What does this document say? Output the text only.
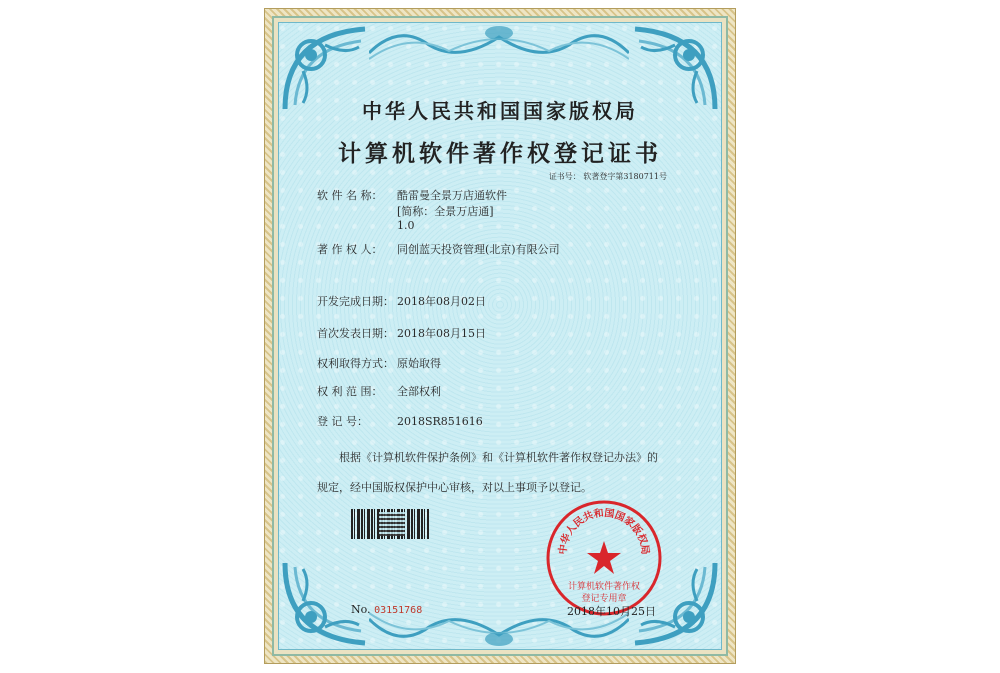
中华人民共和国国家版权局
计算机软件著作权登记证书
证书号： 软著登字第3180711号
软 件 名 称： 酷雷曼全景万店通软件
[简称：全景万店通]
1.0
著 作 权 人： 同创蓝天投资管理(北京)有限公司
开发完成日期： 2018年08月02日
首次发表日期： 2018年08月15日
权利取得方式： 原始取得
权 利 范 围： 全部权利
登 记 号：	2018SR851616
根据《计算机软件保护条例》和《计算机软件著作权登记办法》的
规定，经中国版权保护中心审核，对以上事项予以登记。
中华人民共和国国家版权局
计算机软件著作权
登记专用章
No. 03151768	2018年10月25日
